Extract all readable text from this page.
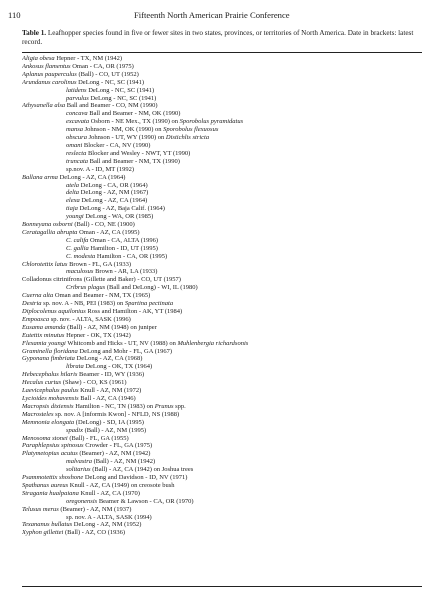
110	Fifteenth North American Prairie Conference
Table 1. Leafhopper species found in five or fewer sites in two states, provinces, or territories of North America. Date in brackets: latest record.
Aligia obesa Hepner - TX, NM (1942)
Ankosus flamentus Oman - CA, OR (1975)
Aplanus pauperculus (Ball) - CO, UT (1952)
Arundanus carolinus DeLong - NC, SC (1941)
latidens DeLong - NC, SC (1941)
parvulus DeLong - NC, SC (1941)
Athysanella alsa Ball and Beamer - CO, NM (1990)
concava Ball and Beamer - NM, OK (1990)
excavata Osborn - NE Mex., TX (1990) on Sporobolus pyramidatus
mansa Johnson - NM, OK (1990) on Sporobolus flexuosus
obscura Johnson - UT, WY (1990) on Distichlis stricta
omani Blocker - CA, NV (1990)
reslecta Blocker and Wesley - NWT, YT (1990)
truncata Ball and Beamer - NM, TX (1990)
sp.nov. A - ID, MT (1992)
Ballana arma DeLong - AZ, CA (1964)
atela DeLong - CA, OR (1964)
delta DeLong - AZ, NM (1967)
elexa DeLong - AZ, CA (1964)
tiaja DeLong - AZ, Baja Calif. (1964)
youngi DeLong - WA, OR (1985)
Bonneyana osborni (Ball) - CO, NE (1900)
Ceratagallia abrupta Oman - AZ, CA (1995)
C. califa Oman - CA, ALTA (1996)
C. gallia Hamilton - ID, UT (1995)
C. modesta Hamilton - CA, OR (1995)
Chlorotettix latus Brown - FL, GA (1933)
maculosus Brown - AR, LA (1933)
Colladonus citrinifrons (Gillette and Baker) - CO, UT (1957)
Cribrus plagus (Ball and DeLong) - WI, IL (1980)
Cuerna alta Oman and Beamer - NM, TX (1965)
Destria sp. nov. A - NB, PEI (1983) on Spartina pectinata
Diplocolenus aquilonius Ross and Hamilton - AK, YT (1984)
Empoasca sp. nov. - ALTA, SASK (1996)
Eusama amanda (Ball) - AZ, NM (1948) on juniper
Eutettix minutus Hepner - OK, TX (1942)
Flexamia youngi Whitcomb and Hicks - UT, NV (1988) on Muhlenbergia richardsonis
Graminella floridana DeLong and Mohr - FL, GA (1967)
Gyponana fimbriata DeLong - AZ, CA (1968)
librata DeLong - OK, TX (1964)
Hebecephalus hilaris Beamer - ID, WY (1936)
Hecalus curtus (Shaw) - CO, KS (1961)
Laevicephalus paulus Knull - AZ, NM (1972)
Lycioides mohavensis Ball - AZ, CA (1946)
Macropsis dixiensis Hamilton - NC, TN (1983) on Prunus spp.
Macrosteles sp. nov. A [informis Kwon] - NFLD, NS (1988)
Memnonia elongata (DeLong) - SD, IA (1995)
spadix (Ball) - AZ, NM (1995)
Menosoma stonei (Ball) - FL, GA (1955)
Paraphlepsius spinosus Crowder - FL, GA (1975)
Platymetopius acutus (Beamer) - AZ, NM (1942)
malvastra (Ball) - AZ, NM (1942)
solitarius (Ball) - AZ, CA (1942) on Joshua trees
Psammotettix shoshone DeLong and Davidson - ID, NV (1971)
Spathanus aureus Knull - AZ, CA (1949) on creosote bush
Stragania hualpaiana Knull - AZ, CA (1970)
oregonensis Beamer & Lawson - CA, OR (1970)
Telusus merus (Beamer) - AZ, NM (1937)
sp. nov. A - ALTA, SASK (1994)
Texananus bullatus DeLong - AZ, NM (1952)
Xyphon gillettei (Ball) - AZ, CO (1936)
